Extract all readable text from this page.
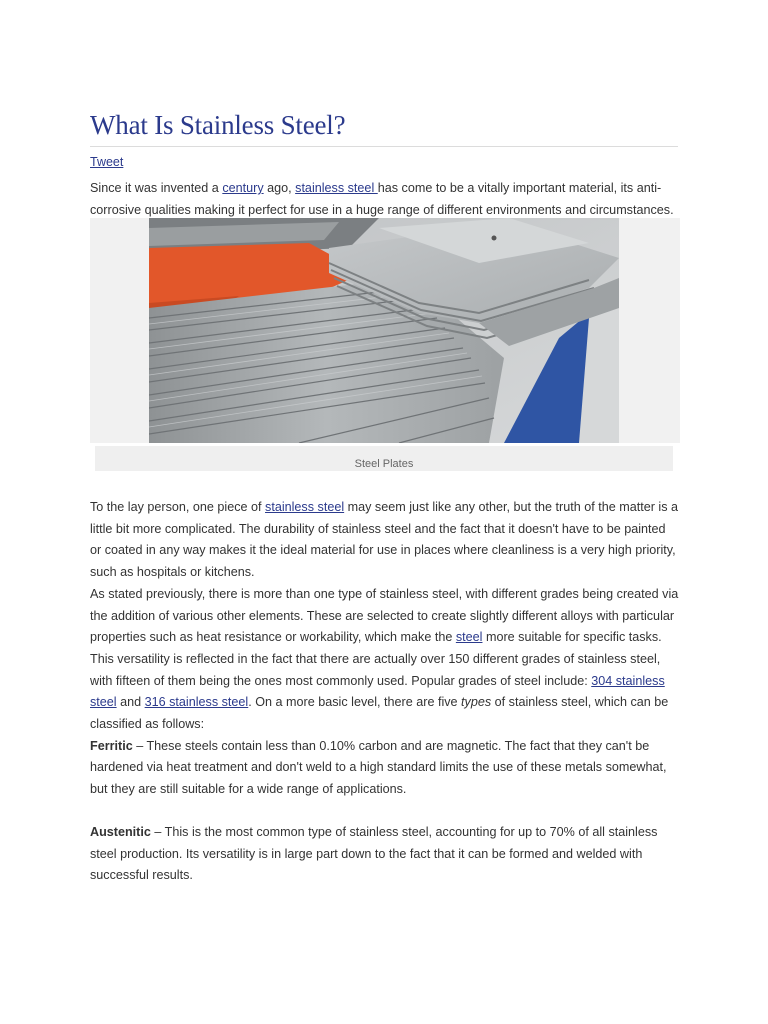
What Is Stainless Steel?
Tweet

Since it was invented a century ago, stainless steel has come to be a vitally important material, its anti-corrosive qualities making it perfect for use in a huge range of different environments and circumstances.

Steel Plates

To the lay person, one piece of stainless steel may seem just like any other, but the truth of the matter is a little bit more complicated. The durability of stainless steel and the fact that it doesn't have to be painted or coated in any way makes it the ideal material for use in places where cleanliness is a very high priority, such as hospitals or kitchens.
As stated previously, there is more than one type of stainless steel, with different grades being created via the addition of various other elements. These are selected to create slightly different alloys with particular properties such as heat resistance or workability, which make the steel more suitable for specific tasks.
This versatility is reflected in the fact that there are actually over 150 different grades of stainless steel, with fifteen of them being the ones most commonly used. Popular grades of steel include: 304 stainless steel and 316 stainless steel. On a more basic level, there are five types of stainless steel, which can be classified as follows:
Ferritic – These steels contain less than 0.10% carbon and are magnetic. The fact that they can't be hardened via heat treatment and don't weld to a high standard limits the use of these metals somewhat, but they are still suitable for a wide range of applications.

Austenitic – This is the most common type of stainless steel, accounting for up to 70% of all stainless steel production. Its versatility is in large part down to the fact that it can be formed and welded with successful results.
